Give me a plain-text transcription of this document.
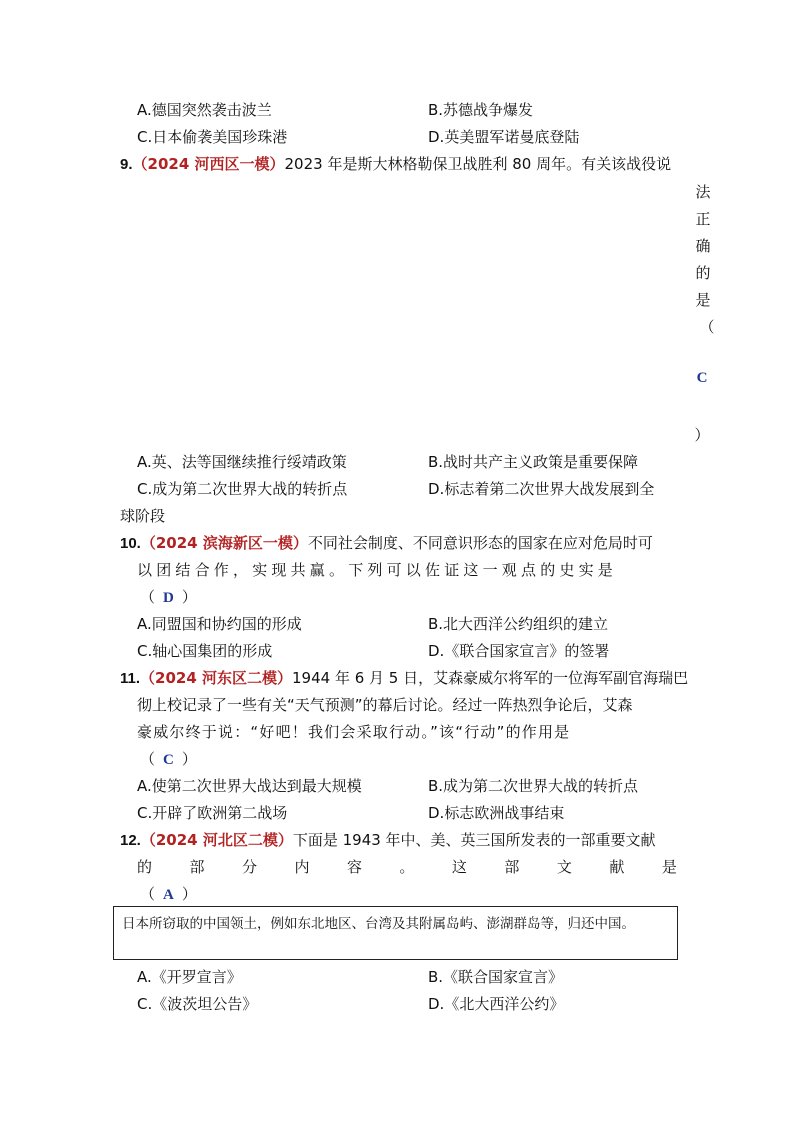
A.德国突然袭击波兰	B.苏德战争爆发
C.日本偷袭美国珍珠港	D.英美盟军诺曼底登陆
9.（2024 河西区一模）2023 年是斯大林格勒保卫战胜利 80 周年。有关该战役说
法
正
确
的
是
（
C
）
A.英、法等国继续推行绥靖政策	B.战时共产主义政策是重要保障
C.成为第二次世界大战的转折点	D.标志着第二次世界大战发展到全
球阶段
10.（2024 滨海新区一模）不同社会制度、不同意识形态的国家在应对危局时可
以团结合作，实现共赢。下列可以佐证这一观点的史实是
（ D ）
A.同盟国和协约国的形成	B.北大西洋公约组织的建立
C.轴心国集团的形成	D.《联合国家宣言》的签署
11.（2024 河东区二模）1944 年 6 月 5 日，艾森豪威尔将军的一位海军副官海瑞巴
彻上校记录了一些有关“天气预测”的幕后讨论。经过一阵热烈争论后，艾森
豪威尔终于说：“好吧！我们会采取行动。”该“行动”的作用是
（ C ）
A.使第二次世界大战达到最大规模	B.成为第二次世界大战的转折点
C.开辟了欧洲第二战场	D.标志欧洲战事结束
12.（2024 河北区二模）下面是 1943 年中、美、英三国所发表的一部重要文献
的 部 分 内 容 。 这 部 文 献 是
（ A ）
日本所窃取的中国领土，例如东北地区、台湾及其附属岛屿、澎湖群岛等，归还中国。
A.《开罗宣言》	B.《联合国家宣言》
C.《波茨坦公告》	D.《北大西洋公约》
